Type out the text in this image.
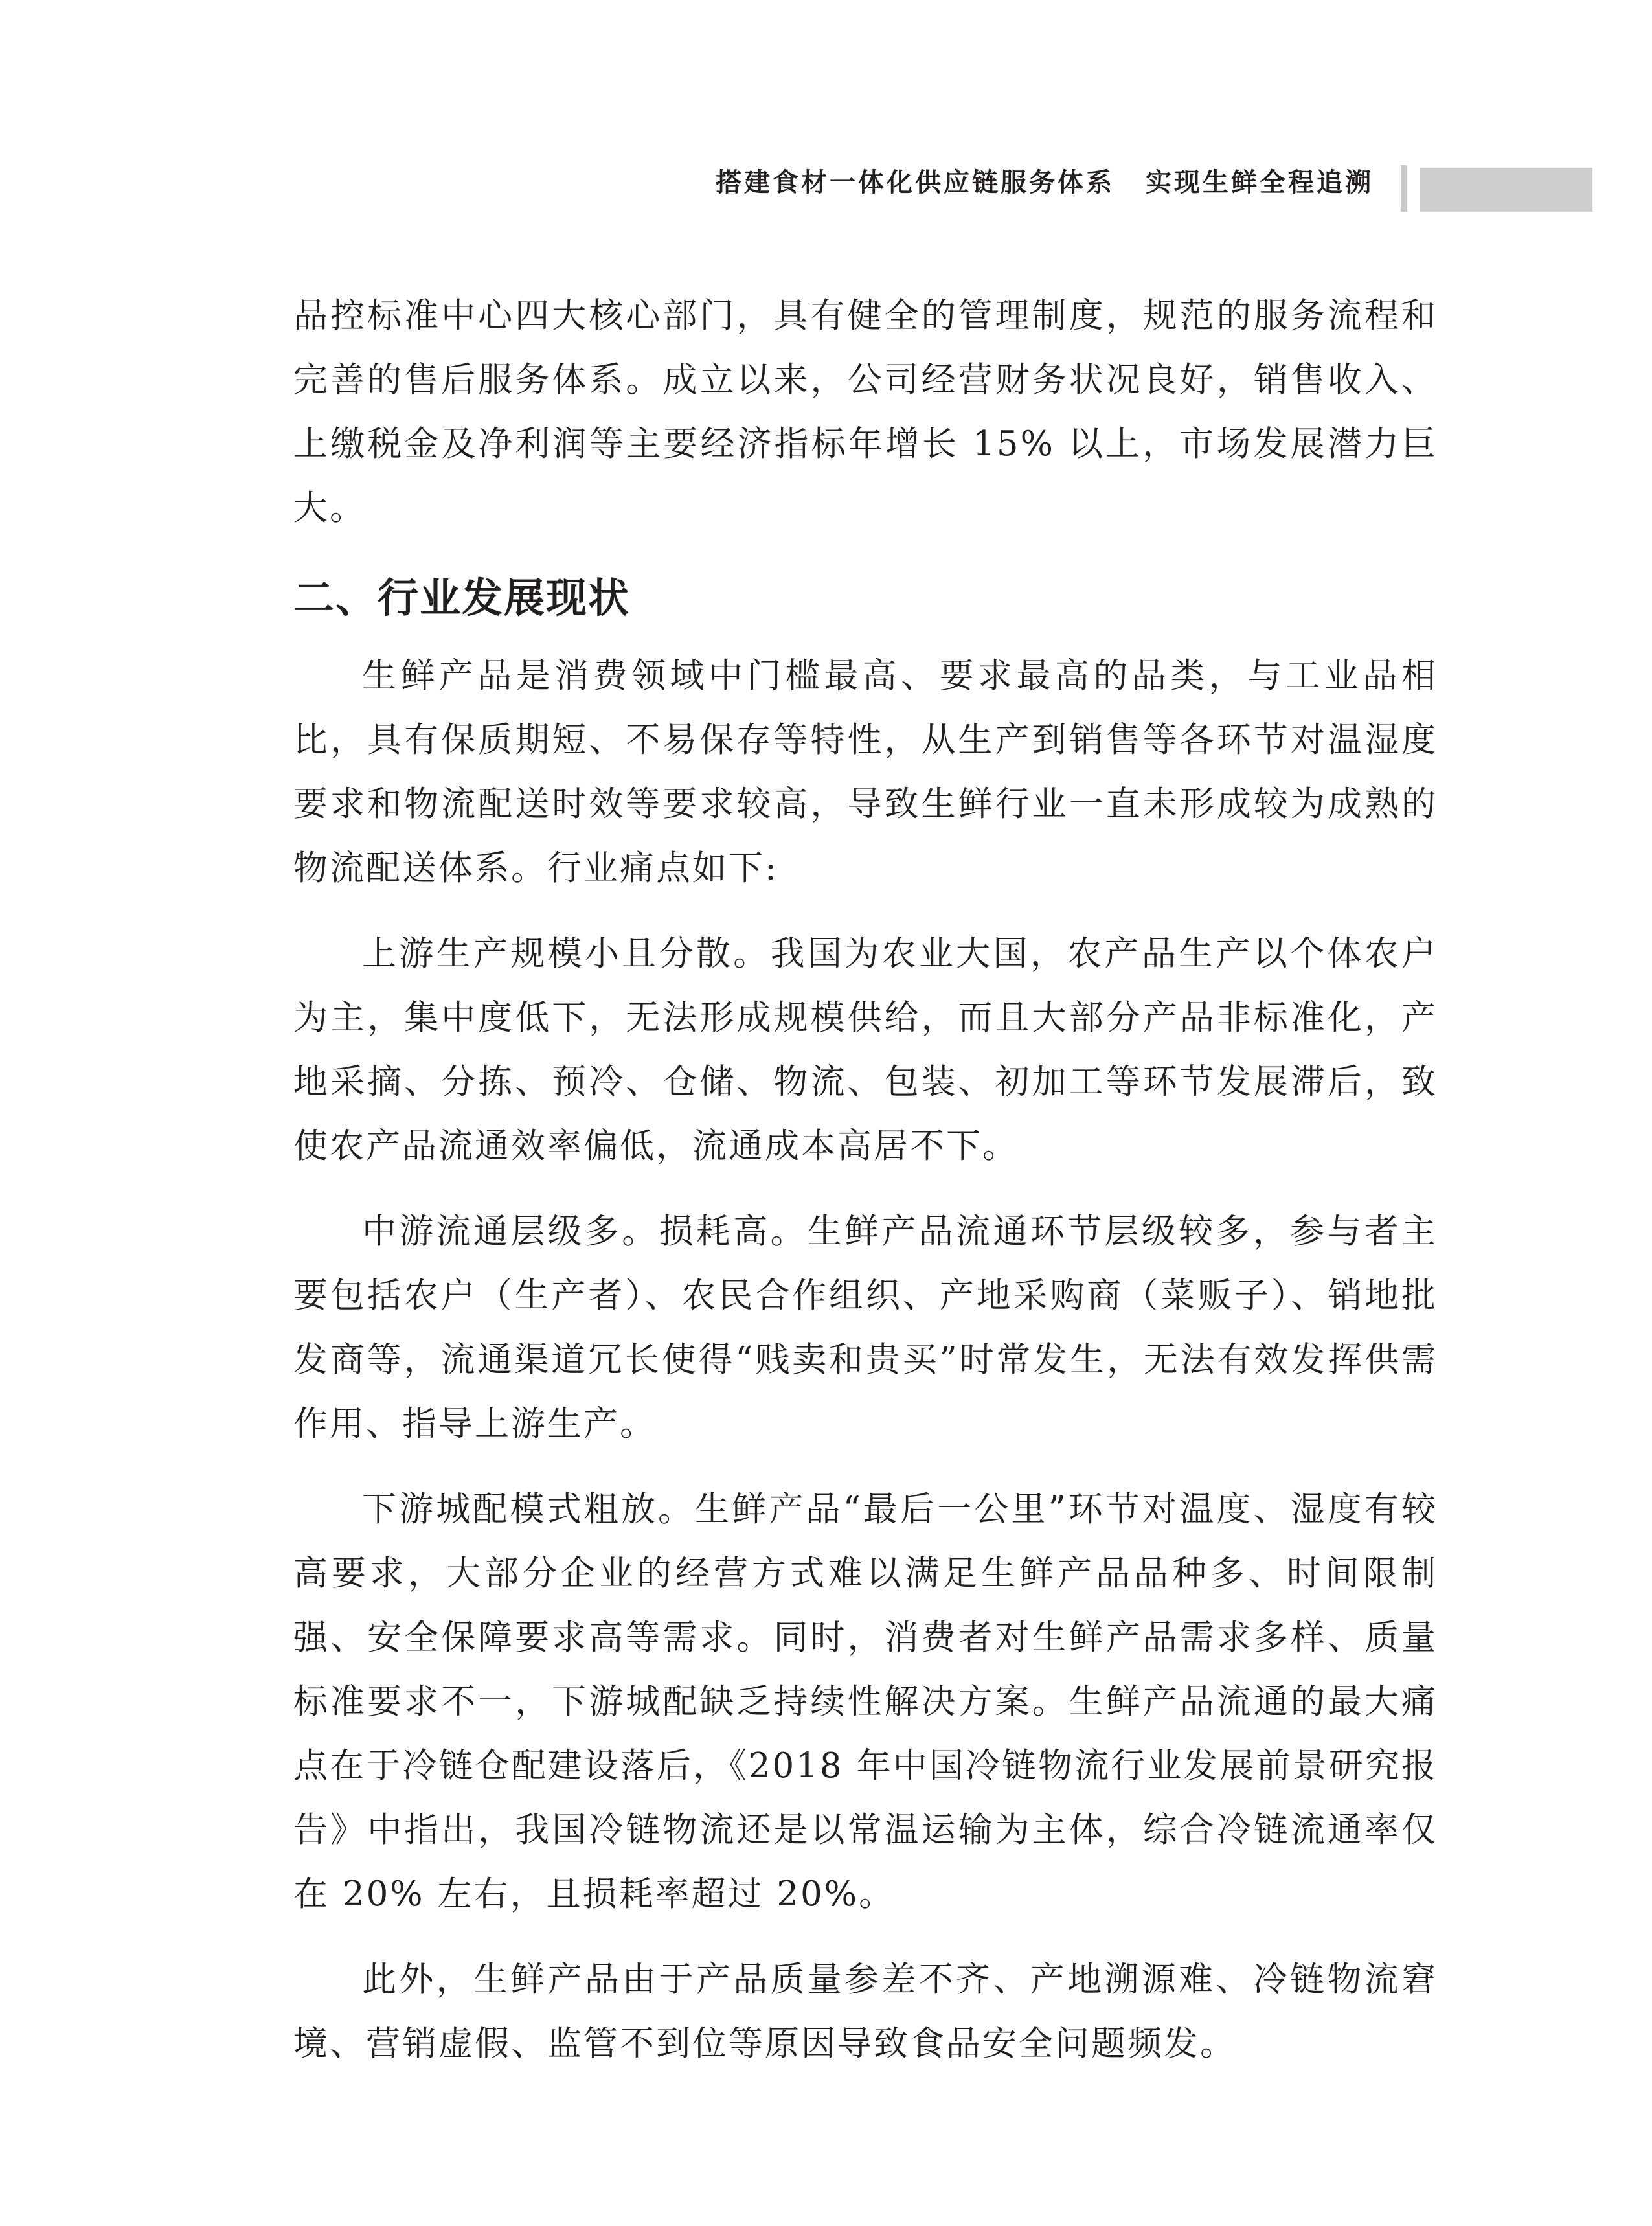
搭建食材一体化供应链服务体系 实现生鲜全程追溯

品控标准中心四大核心部门，具有健全的管理制度，规范的服务流程和完善的售后服务体系。成立以来，公司经营财务状况良好，销售收入、上缴税金及净利润等主要经济指标年增长 15% 以上，市场发展潜力巨大。

二、行业发展现状

生鲜产品是消费领域中门槛最高、要求最高的品类，与工业品相比，具有保质期短、不易保存等特性，从生产到销售等各环节对温湿度要求和物流配送时效等要求较高，导致生鲜行业一直未形成较为成熟的物流配送体系。行业痛点如下:

上游生产规模小且分散。我国为农业大国，农产品生产以个体农户为主，集中度低下，无法形成规模供给，而且大部分产品非标准化，产地采摘、分拣、预冷、仓储、物流、包装、初加工等环节发展滞后，致使农产品流通效率偏低，流通成本高居不下。

中游流通层级多。损耗高。生鲜产品流通环节层级较多，参与者主要包括农户（生产者）、农民合作组织、产地采购商（菜贩子）、销地批发商等，流通渠道冗长使得“贱卖和贵买”时常发生，无法有效发挥供需作用、指导上游生产。

下游城配模式粗放。生鲜产品“最后一公里”环节对温度、湿度有较高要求，大部分企业的经营方式难以满足生鲜产品品种多、时间限制强、安全保障要求高等需求。同时，消费者对生鲜产品需求多样、质量标准要求不一，下游城配缺乏持续性解决方案。生鲜产品流通的最大痛点在于冷链仓配建设落后，《2018 年中国冷链物流行业发展前景研究报告》中指出，我国冷链物流还是以常温运输为主体，综合冷链流通率仅在 20% 左右，且损耗率超过 20%。

此外，生鲜产品由于产品质量参差不齐、产地溯源难、冷链物流窘境、营销虚假、监管不到位等原因导致食品安全问题频发。
